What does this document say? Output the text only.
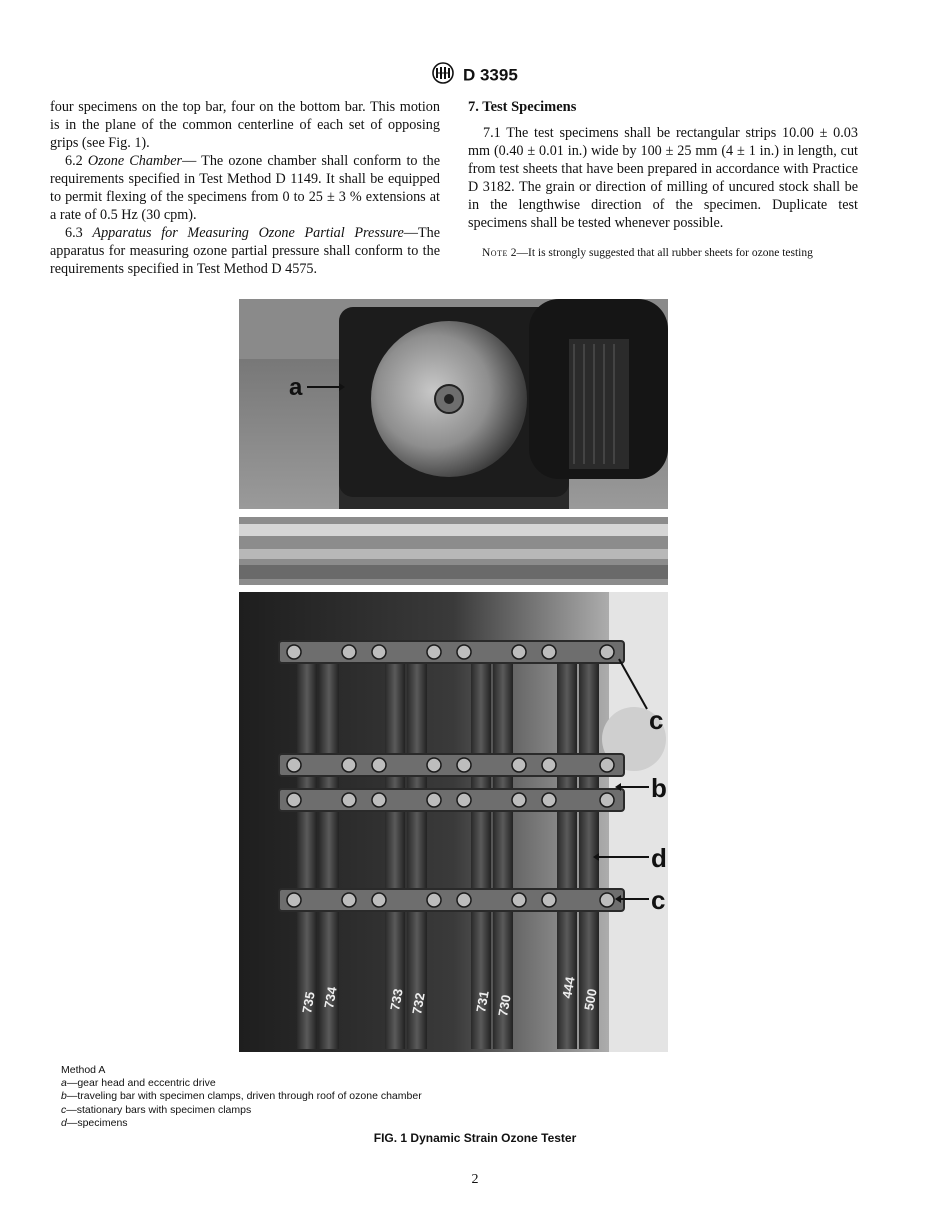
D 3395

four specimens on the top bar, four on the bottom bar. This motion is in the plane of the common centerline of each set of opposing grips (see Fig. 1).

6.2 Ozone Chamber— The ozone chamber shall conform to the requirements specified in Test Method D 1149. It shall be equipped to permit flexing of the specimens from 0 to 25 ± 3 % extensions at a rate of 0.5 Hz (30 cpm).

6.3 Apparatus for Measuring Ozone Partial Pressure—The apparatus for measuring ozone partial pressure shall conform to the requirements specified in Test Method D 4575.

7. Test Specimens

7.1 The test specimens shall be rectangular strips 10.00 ± 0.03 mm (0.40 ± 0.01 in.) wide by 100 ± 25 mm (4 ± 1 in.) in length, cut from test sheets that have been prepared in accordance with Practice D 3182. The grain or direction of milling of uncured stock shall be in the lengthwise direction of the specimen. Duplicate test specimens shall be tested whenever possible.

Note 2—It is strongly suggested that all rubber sheets for ozone testing

a
735 734	733 732	731 730
444
500
c
b
d
c
Method A
a—gear head and eccentric drive
b—traveling bar with specimen clamps, driven through roof of ozone chamber
c—stationary bars with specimen clamps
d—specimens
FIG. 1 Dynamic Strain Ozone Tester
2
